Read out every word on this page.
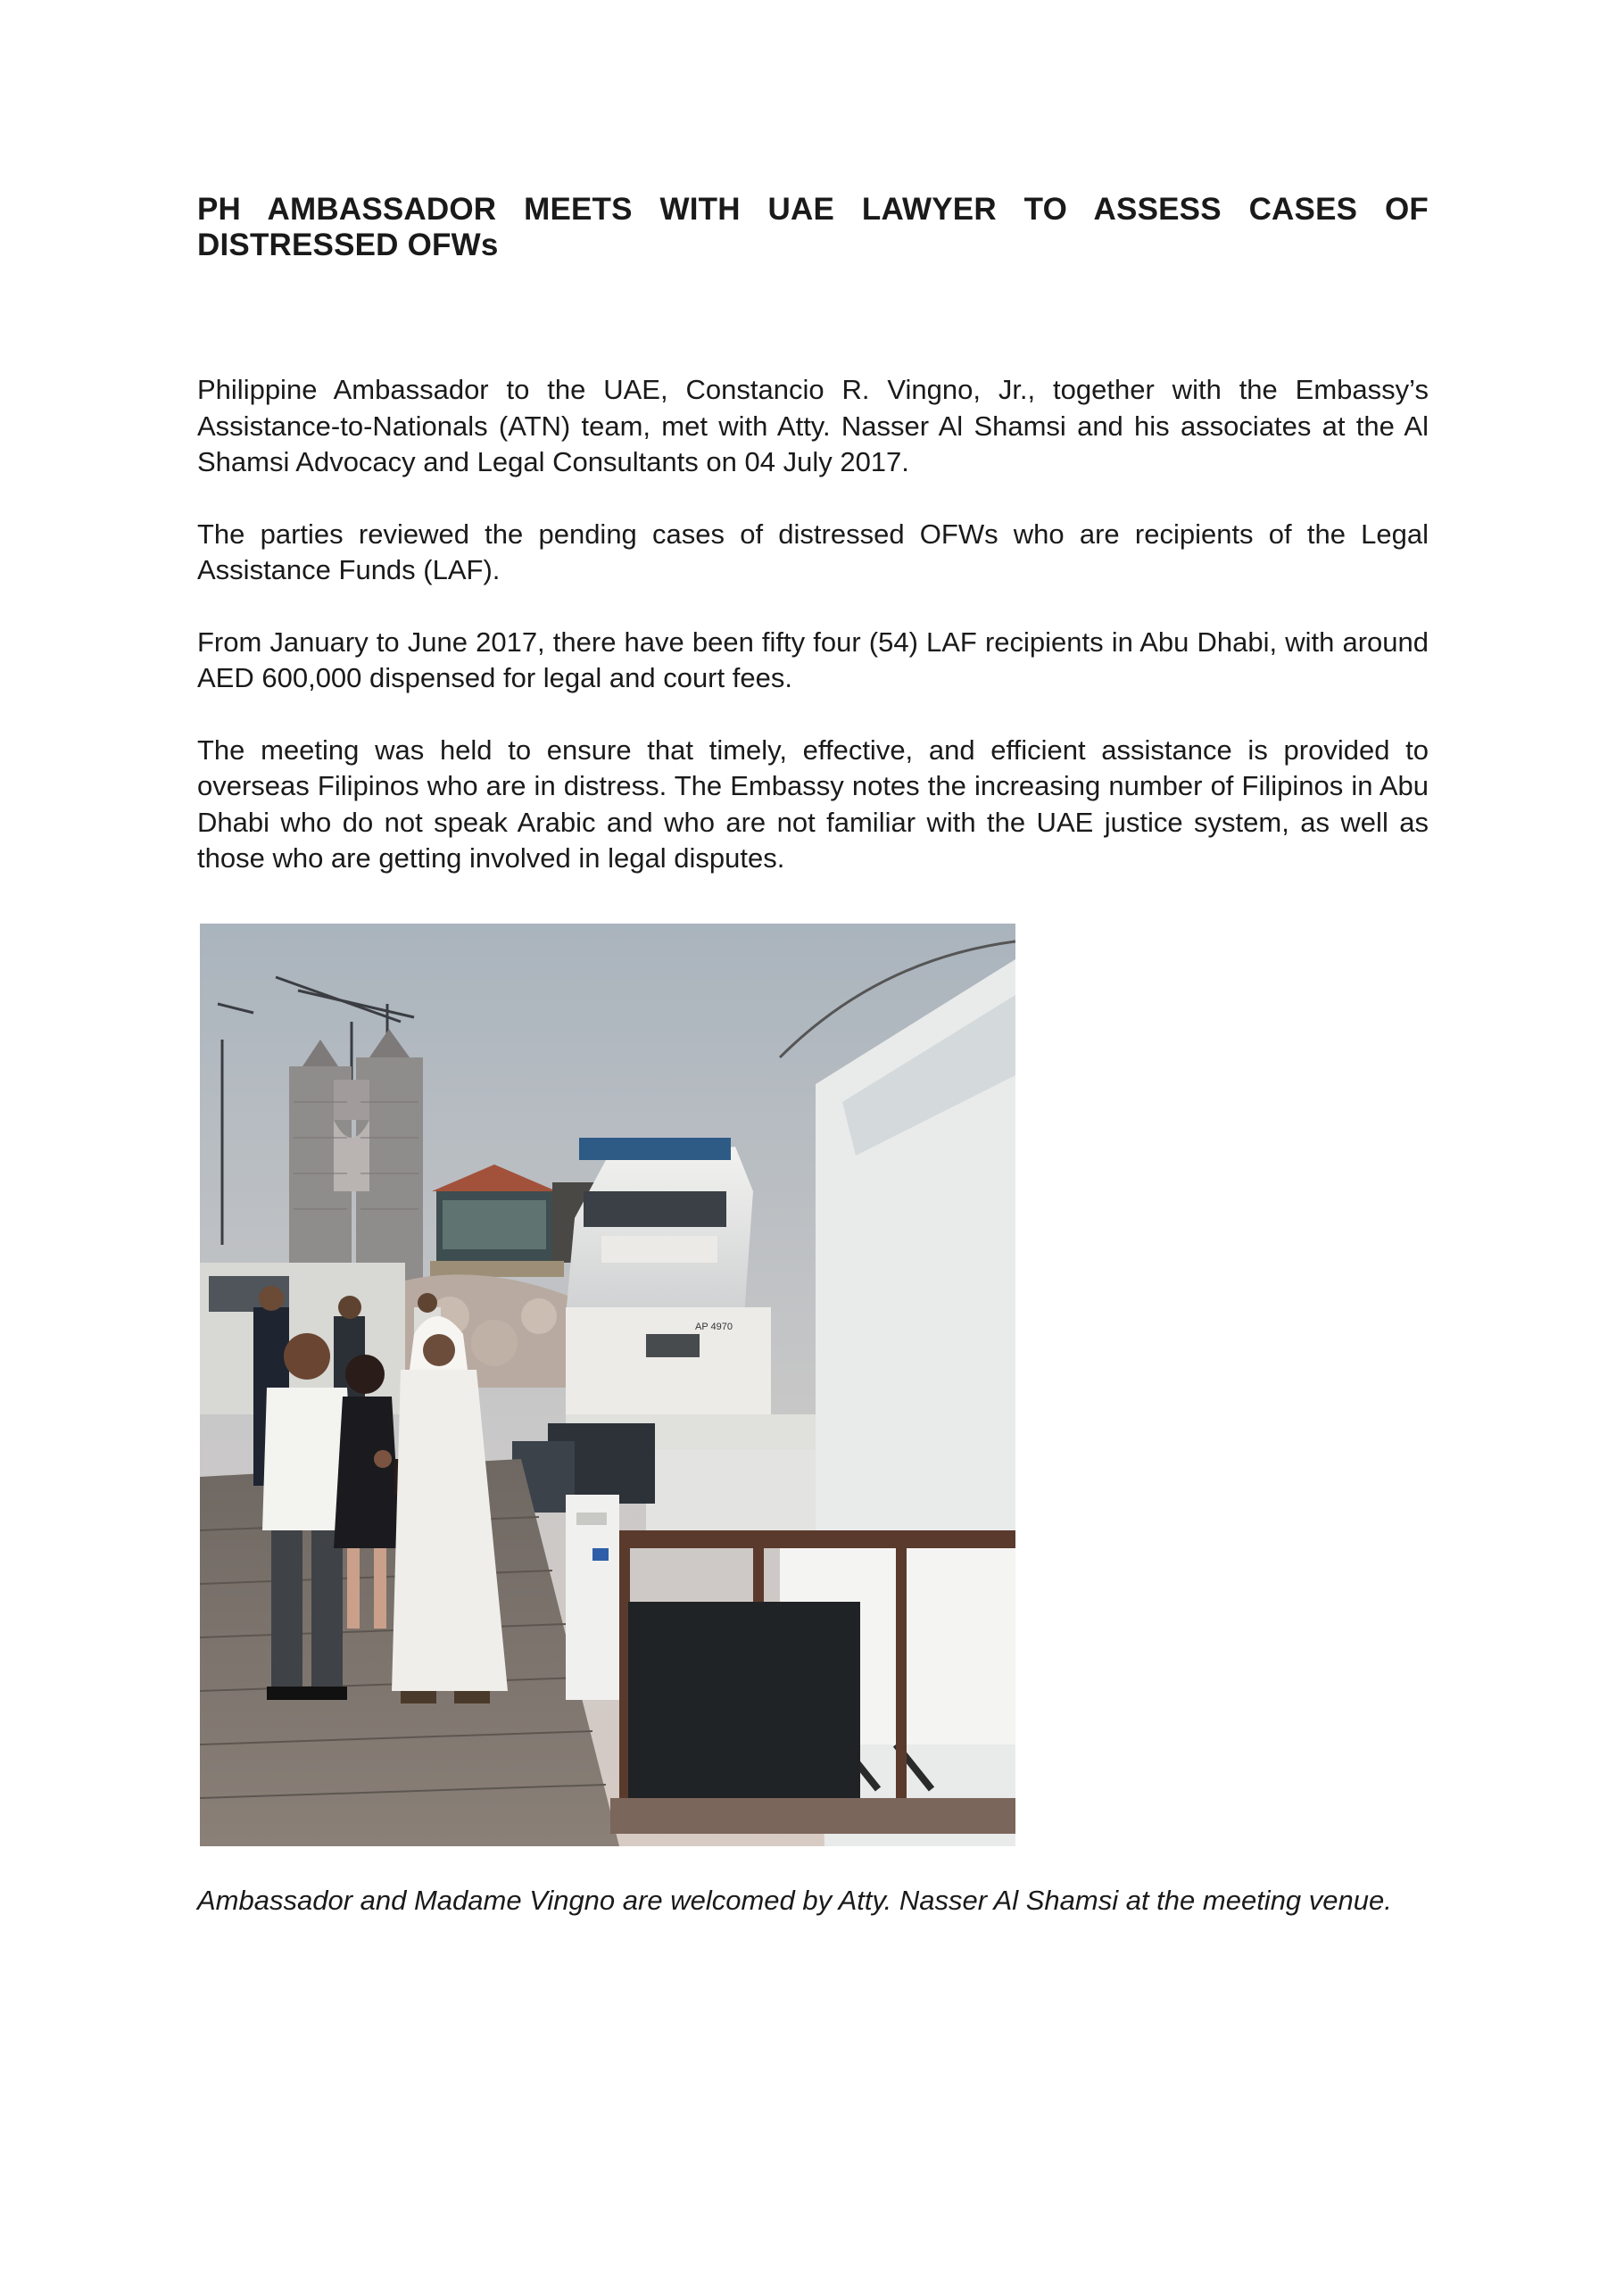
PH AMBASSADOR MEETS WITH UAE LAWYER TO ASSESS CASES OF DISTRESSED OFWs

Philippine Ambassador to the UAE, Constancio R. Vingno, Jr., together with the Embassy’s Assistance-to-Nationals (ATN) team, met with Atty. Nasser Al Shamsi and his associates at the Al Shamsi Advocacy and Legal Consultants on 04 July 2017.

The parties reviewed the pending cases of distressed OFWs who are recipients of the Legal Assistance Funds (LAF).

From January to June 2017, there have been fifty four (54) LAF recipients in Abu Dhabi, with around AED 600,000 dispensed for legal and court fees.

The meeting was held to ensure that timely, effective, and efficient assistance is provided to overseas Filipinos who are in distress. The Embassy notes the increasing number of Filipinos in Abu Dhabi who do not speak Arabic and who are not familiar with the UAE justice system, as well as those who are getting involved in legal disputes.

AP 4970

Ambassador and Madame Vingno are welcomed by Atty. Nasser Al Shamsi at the meeting venue.
